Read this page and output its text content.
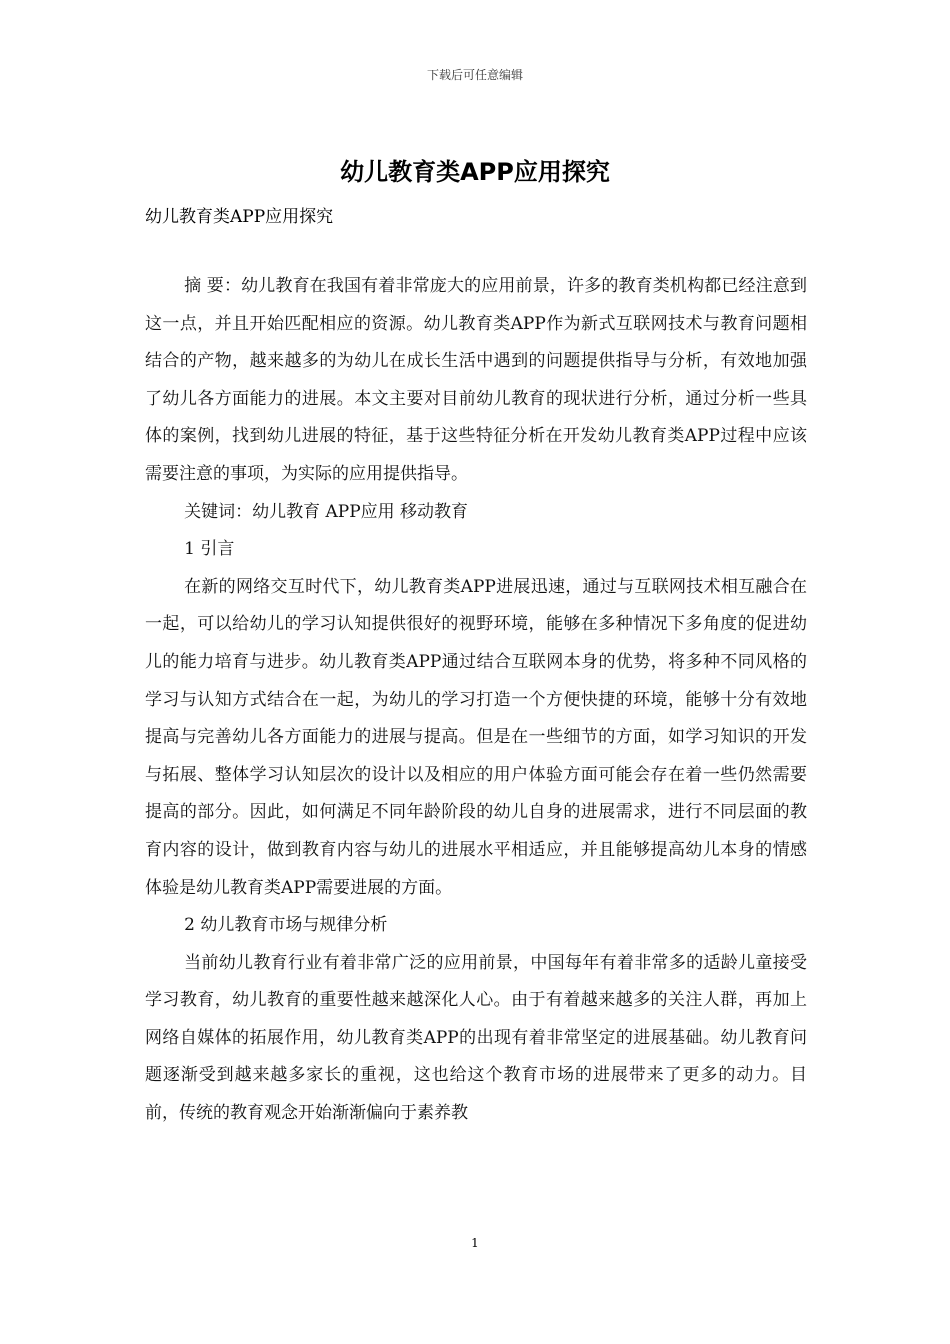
下载后可任意编辑
幼儿教育类APP应用探究
幼儿教育类APP应用探究

摘 要：幼儿教育在我国有着非常庞大的应用前景，许多的教育类机构都已经注意到这一点，并且开始匹配相应的资源。幼儿教育类APP作为新式互联网技术与教育问题相结合的产物，越来越多的为幼儿在成长生活中遇到的问题提供指导与分析，有效地加强了幼儿各方面能力的进展。本文主要对目前幼儿教育的现状进行分析，通过分析一些具体的案例，找到幼儿进展的特征，基于这些特征分析在开发幼儿教育类APP过程中应该需要注意的事项，为实际的应用提供指导。

关键词：幼儿教育 APP应用 移动教育

1 引言

在新的网络交互时代下，幼儿教育类APP进展迅速，通过与互联网技术相互融合在一起，可以给幼儿的学习认知提供很好的视野环境，能够在多种情况下多角度的促进幼儿的能力培育与进步。幼儿教育类APP通过结合互联网本身的优势，将多种不同风格的学习与认知方式结合在一起，为幼儿的学习打造一个方便快捷的环境，能够十分有效地提高与完善幼儿各方面能力的进展与提高。但是在一些细节的方面，如学习知识的开发与拓展、整体学习认知层次的设计以及相应的用户体验方面可能会存在着一些仍然需要提高的部分。因此，如何满足不同年龄阶段的幼儿自身的进展需求，进行不同层面的教育内容的设计，做到教育内容与幼儿的进展水平相适应，并且能够提高幼儿本身的情感体验是幼儿教育类APP需要进展的方面。

2 幼儿教育市场与规律分析

当前幼儿教育行业有着非常广泛的应用前景，中国每年有着非常多的适龄儿童接受学习教育，幼儿教育的重要性越来越深化人心。由于有着越来越多的关注人群，再加上网络自媒体的拓展作用，幼儿教育类APP的出现有着非常坚定的进展基础。幼儿教育问题逐渐受到越来越多家长的重视，这也给这个教育市场的进展带来了更多的动力。目前，传统的教育观念开始渐渐偏向于素养教

1
